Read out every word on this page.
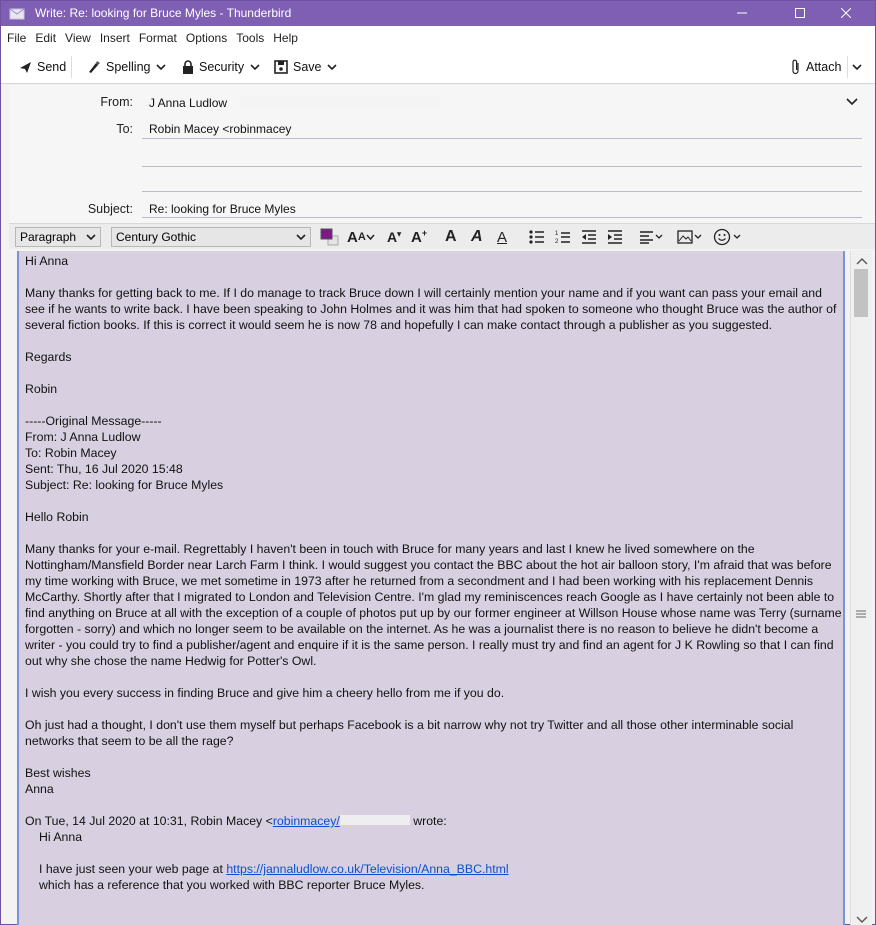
Write: Re: looking for Bruce Myles - Thunderbird
File Edit View Insert Format Options Tools Help
Send	Spelling	Security	Save	Attach
From: J Anna Ludlow
To: Robin Macey <robinmacey
Subject: Re: looking for Bruce Myles
Paragraph	Century Gothic	A A A▾ A+ A A A	1
2
Hi Anna
Many thanks for getting back to me. If I do manage to track Bruce down I will certainly mention your name and if you want can pass your email and see if he wants to write back. I have been speaking to John Holmes and it was him that had spoken to someone who thought Bruce was the author of several fiction books. If this is correct it would seem he is now 78 and hopefully I can make contact through a publisher as you suggested.
Regards
Robin
-----Original Message-----
From: J Anna Ludlow
To: Robin Macey
Sent: Thu, 16 Jul 2020 15:48
Subject: Re: looking for Bruce Myles
Hello Robin
Many thanks for your e-mail. Regrettably I haven't been in touch with Bruce for many years and last I knew he lived somewhere on the Nottingham/Mansfield Border near Larch Farm I think. I would suggest you contact the BBC about the hot air balloon story, I'm afraid that was before my time working with Bruce, we met sometime in 1973 after he returned from a secondment and I had been working with his replacement Dennis McCarthy. Shortly after that I migrated to London and Television Centre. I'm glad my reminiscences reach Google as I have certainly not been able to find anything on Bruce at all with the exception of a couple of photos put up by our former engineer at Willson House whose name was Terry (surname forgotten - sorry) and which no longer seem to be available on the internet. As he was a journalist there is no reason to believe he didn't become a writer - you could try to find a publisher/agent and enquire if it is the same person. I really must try and find an agent for J K Rowling so that I can find out why she chose the name Hedwig for Potter's Owl.
I wish you every success in finding Bruce and give him a cheery hello from me if you do.
Oh just had a thought, I don't use them myself but perhaps Facebook is a bit narrow why not try Twitter and all those other interminable social networks that seem to be all the rage?
Best wishes
Anna
On Tue, 14 Jul 2020 at 10:31, Robin Macey <robinmacey/	wrote:
Hi Anna
I have just seen your web page at https://jannaludlow.co.uk/Television/Anna_BBC.html
which has a reference that you worked with BBC reporter Bruce Myles.
